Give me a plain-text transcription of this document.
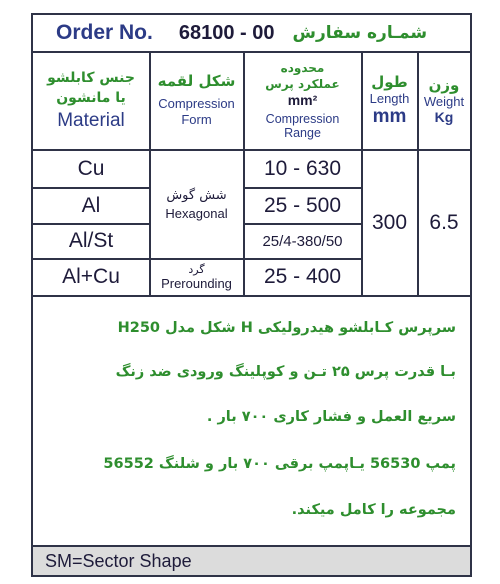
Order No. 68100 - 00 شمـاره سفارش
جنس کابلشو یا مانشون
Material
شکل لقمه
Compression Form
محدوده عملکرد پرس
mm²
Compression Range
طول
Length
mm
وزن
Weight
Kg
Cu
Al
Al/St
Al+Cu
شش گوش
Hexagonal
گرد
Prerounding
10 - 630
25 - 500
25/4-380/50
25 - 400
300	6.5
سرپرس کـابلشو هیدرولیکی H شکل مدل H250
بـا قدرت پرس ۲۵ تـن و کوپلینگ ورودی ضد زنگ
سریع العمل و فشار کاری ۷۰۰ بار .
پمپ 56530 یـاپمپ برقی ۷۰۰ بار و شلنگ 56552
مجموعه را کامل میکند.
SM=Sector Shape
